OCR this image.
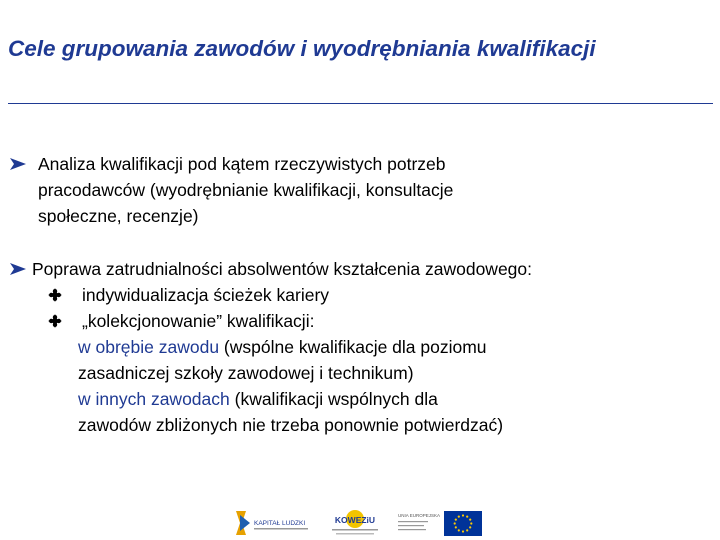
Cele grupowania zawodów i wyodrębniania kwalifikacji
Analiza kwalifikacji pod kątem rzeczywistych potrzeb
pracodawców (wyodrębnianie kwalifikacji, konsultacje
społeczne, recenzje)
Poprawa zatrudnialności absolwentów kształcenia zawodowego:
indywidualizacja ścieżek kariery
„kolekcjonowanie” kwalifikacji:
w obrębie zawodu (wspólne kwalifikacje dla poziomu
zasadniczej szkoły zawodowej i technikum)
w innych zawodach (kwalifikacji wspólnych dla
zawodów zbliżonych nie trzeba ponownie potwierdzać)
KAPITAŁ LUDZKI	KOWEZiU	UNIA EUROPEJSKA
